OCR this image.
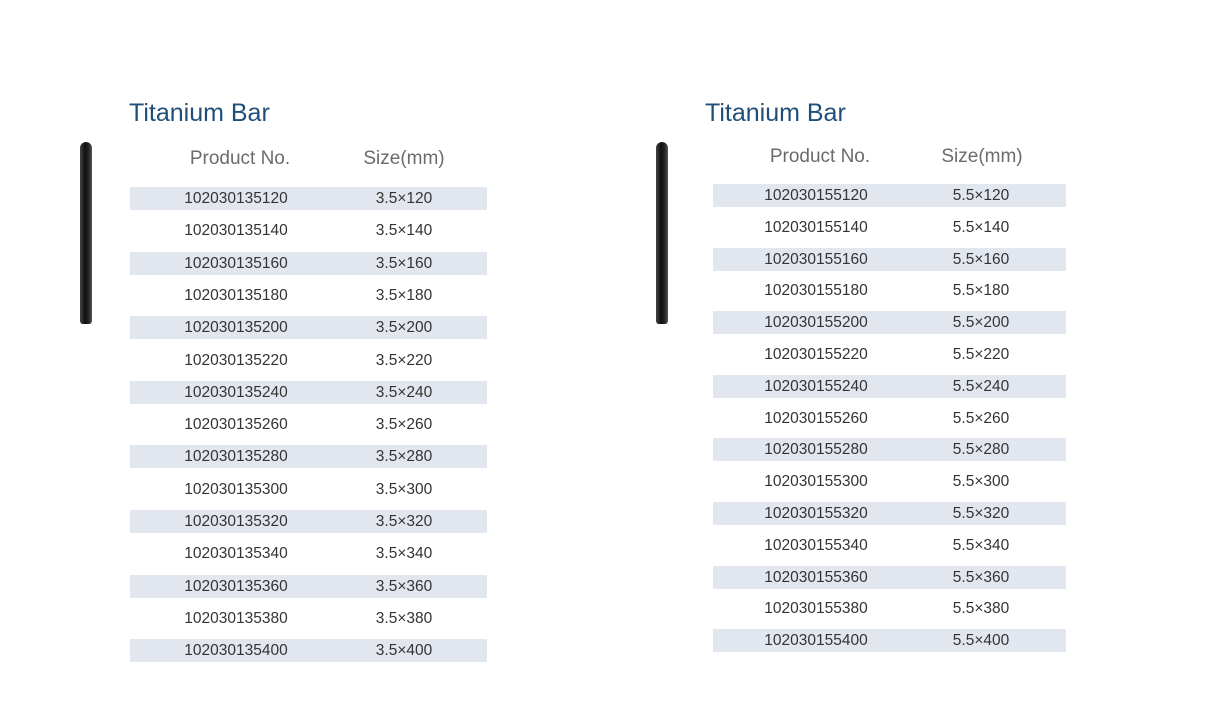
Titanium Bar
Product No.	Size(mm)
102030135120	3.5×120
102030135140	3.5×140
102030135160	3.5×160
102030135180	3.5×180
102030135200	3.5×200
102030135220	3.5×220
102030135240	3.5×240
102030135260	3.5×260
102030135280	3.5×280
102030135300	3.5×300
102030135320	3.5×320
102030135340	3.5×340
102030135360	3.5×360
102030135380	3.5×380
102030135400	3.5×400
Titanium Bar
Product No.	Size(mm)
102030155120	5.5×120
102030155140	5.5×140
102030155160	5.5×160
102030155180	5.5×180
102030155200	5.5×200
102030155220	5.5×220
102030155240	5.5×240
102030155260	5.5×260
102030155280	5.5×280
102030155300	5.5×300
102030155320	5.5×320
102030155340	5.5×340
102030155360	5.5×360
102030155380	5.5×380
102030155400	5.5×400
